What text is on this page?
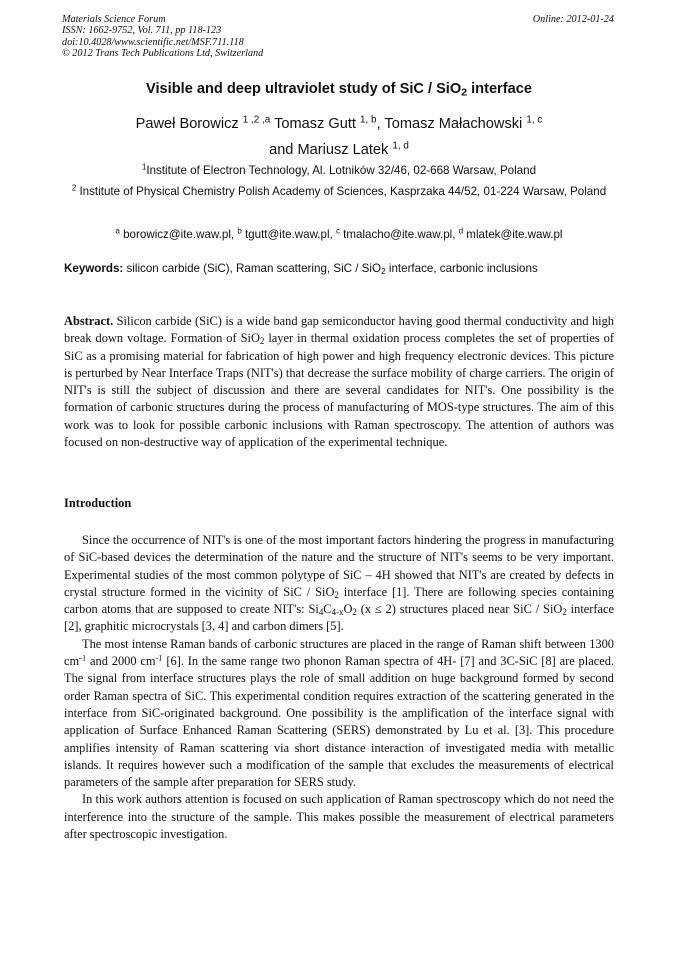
Materials Science Forum
ISSN: 1662-9752, Vol. 711, pp 118-123
doi:10.4028/www.scientific.net/MSF.711.118
© 2012 Trans Tech Publications Ltd, Switzerland
Online: 2012-01-24
Visible and deep ultraviolet study of SiC / SiO$_2$ interface
Paweł Borowicz $^{1 ,2 ,a}$ Tomasz Gutt $^{1, b}$, Tomasz Małachowski $^{1, c}$
and Mariusz Latek $^{1, d}$
$^1$Institute of Electron Technology, Al. Lotników 32/46, 02-668 Warsaw, Poland
$^2$ Institute of Physical Chemistry Polish Academy of Sciences, Kasprzaka 44/52, 01-224 Warsaw, Poland
$^a$ borowicz@ite.waw.pl, $^b$ tgutt@ite.waw.pl, $^c$ tmalacho@ite.waw.pl, $^d$ mlatek@ite.waw.pl
Keywords: silicon carbide (SiC), Raman scattering, SiC / SiO$_2$ interface, carbonic inclusions
Abstract. Silicon carbide (SiC) is a wide band gap semiconductor having good thermal conductivity and high break down voltage. Formation of SiO$_2$ layer in thermal oxidation process completes the set of properties of SiC as a promising material for fabrication of high power and high frequency electronic devices. This picture is perturbed by Near Interface Traps (NIT's) that decrease the surface mobility of charge carriers. The origin of NIT's is still the subject of discussion and there are several candidates for NIT's. One possibility is the formation of carbonic structures during the process of manufacturing of MOS-type structures. The aim of this work was to look for possible carbonic inclusions with Raman spectroscopy. The attention of authors was focused on non-destructive way of application of the experimental technique.
Introduction

Since the occurrence of NIT's is one of the most important factors hindering the progress in manufacturing of SiC-based devices the determination of the nature and the structure of NIT's seems to be very important. Experimental studies of the most common polytype of SiC – 4H showed that NIT's are created by defects in crystal structure formed in the vicinity of SiC / SiO$_2$ interface [1]. There are following species containing carbon atoms that are supposed to create NIT's: $Si_4C_{4-x}O_2$ (x ≤ 2) structures placed near SiC / SiO$_2$ interface [2], graphitic microcrystals [3, 4] and carbon dimers [5].

The most intense Raman bands of carbonic structures are placed in the range of Raman shift between 1300 $cm^{-1}$ and 2000 $cm^{-1}$ [6]. In the same range two phonon Raman spectra of 4H- [7] and 3C-SiC [8] are placed. The signal from interface structures plays the role of small addition on huge background formed by second order Raman spectra of SiC. This experimental condition requires extraction of the scattering generated in the interface from SiC-originated background. One possibility is the amplification of the interface signal with application of Surface Enhanced Raman Scattering (SERS) demonstrated by Lu et al. [3]. This procedure amplifies intensity of Raman scattering via short distance interaction of investigated media with metallic islands. It requires however such a modification of the sample that excludes the measurements of electrical parameters of the sample after preparation for SERS study.

In this work authors attention is focused on such application of Raman spectroscopy which do not need the interference into the structure of the sample. This makes possible the measurement of electrical parameters after spectroscopic investigation.
